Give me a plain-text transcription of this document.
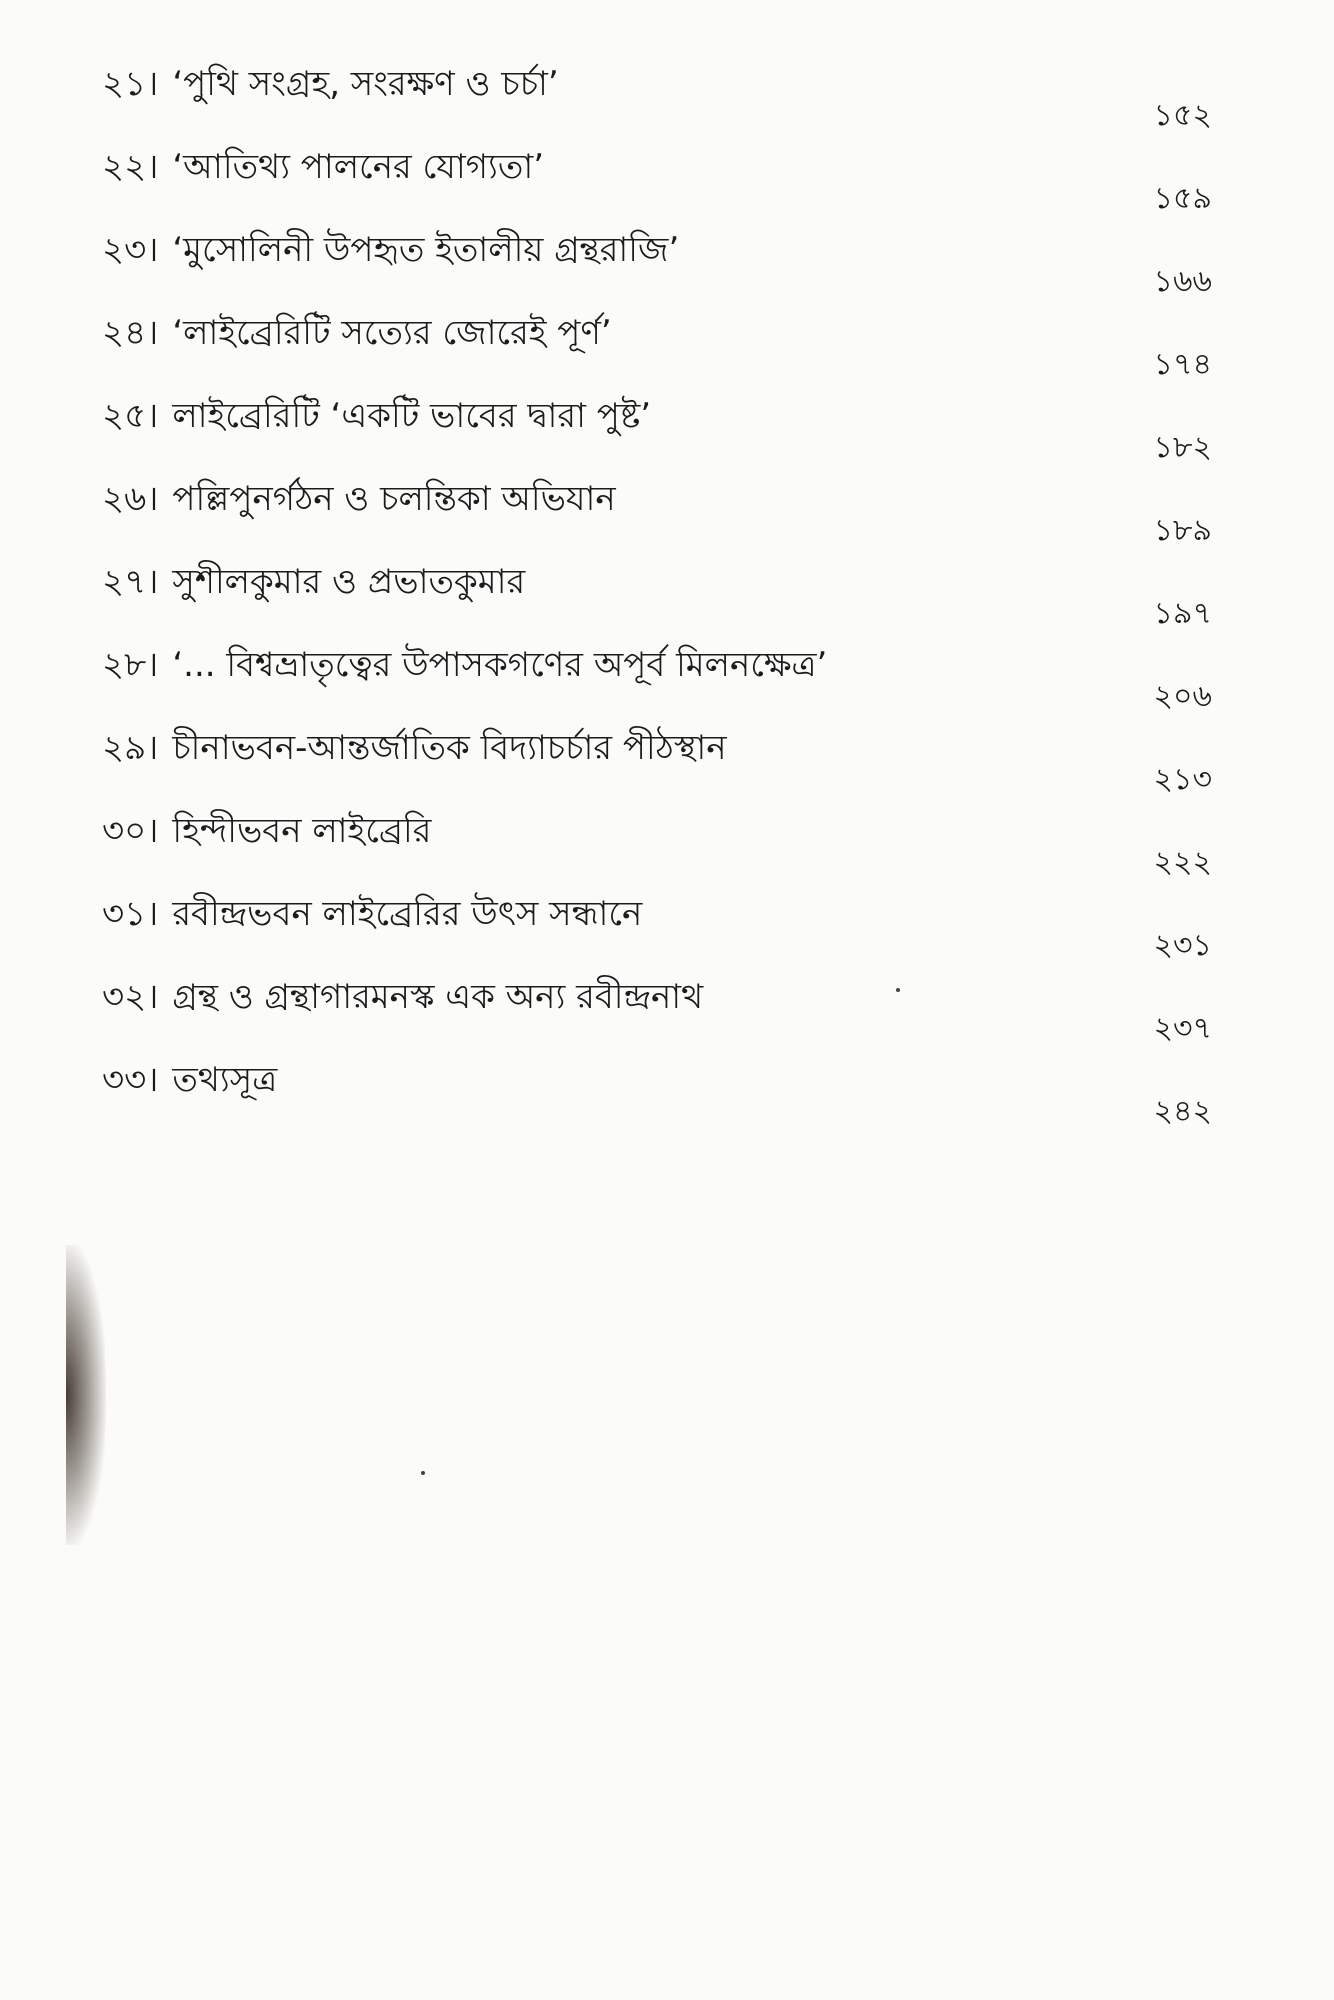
২১। ‘পুথি সংগ্রহ, সংরক্ষণ ও চর্চা’
১৫২
২২। ‘আতিথ্য পালনের যোগ্যতা’
১৫৯
২৩। ‘মুসোলিনী উপহৃত ইতালীয় গ্রন্থরাজি’
১৬৬
২৪। ‘লাইব্রেরিটি সত্যের জোরেই পূর্ণ’
১৭৪
২৫। লাইব্রেরিটি ‘একটি ভাবের দ্বারা পুষ্ট’
১৮২
২৬। পল্লিপুনর্গঠন ও চলন্তিকা অভিযান
১৮৯
২৭। সুশীলকুমার ও প্রভাতকুমার
১৯৭
২৮। ‘... বিশ্বভ্রাতৃত্বের উপাসকগণের অপূর্ব মিলনক্ষেত্র’
২০৬
২৯। চীনাভবন-আন্তর্জাতিক বিদ্যাচর্চার পীঠস্থান
২১৩
৩০। হিন্দীভবন লাইব্রেরি
২২২
৩১। রবীন্দ্রভবন লাইব্রেরির উৎস সন্ধানে
২৩১
৩২। গ্রন্থ ও গ্রন্থাগারমনস্ক এক অন্য রবীন্দ্রনাথ
২৩৭
৩৩। তথ্যসূত্র
২৪২
